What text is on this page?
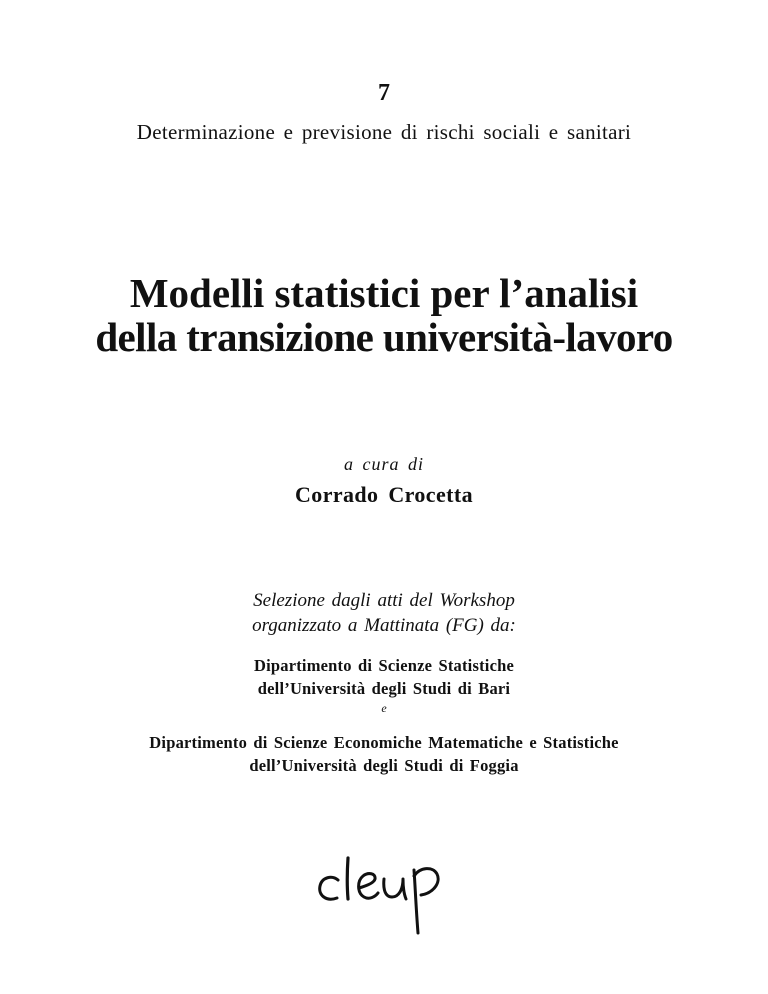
7
Determinazione e previsione di rischi sociali e sanitari
Modelli statistici per l’analisi
della transizione università-lavoro
a cura di
Corrado Crocetta
Selezione dagli atti del Workshop
organizzato a Mattinata (FG) da:
Dipartimento di Scienze Statistiche
dell’Università degli Studi di Bari
e
Dipartimento di Scienze Economiche Matematiche e Statistiche
dell’Università degli Studi di Foggia
